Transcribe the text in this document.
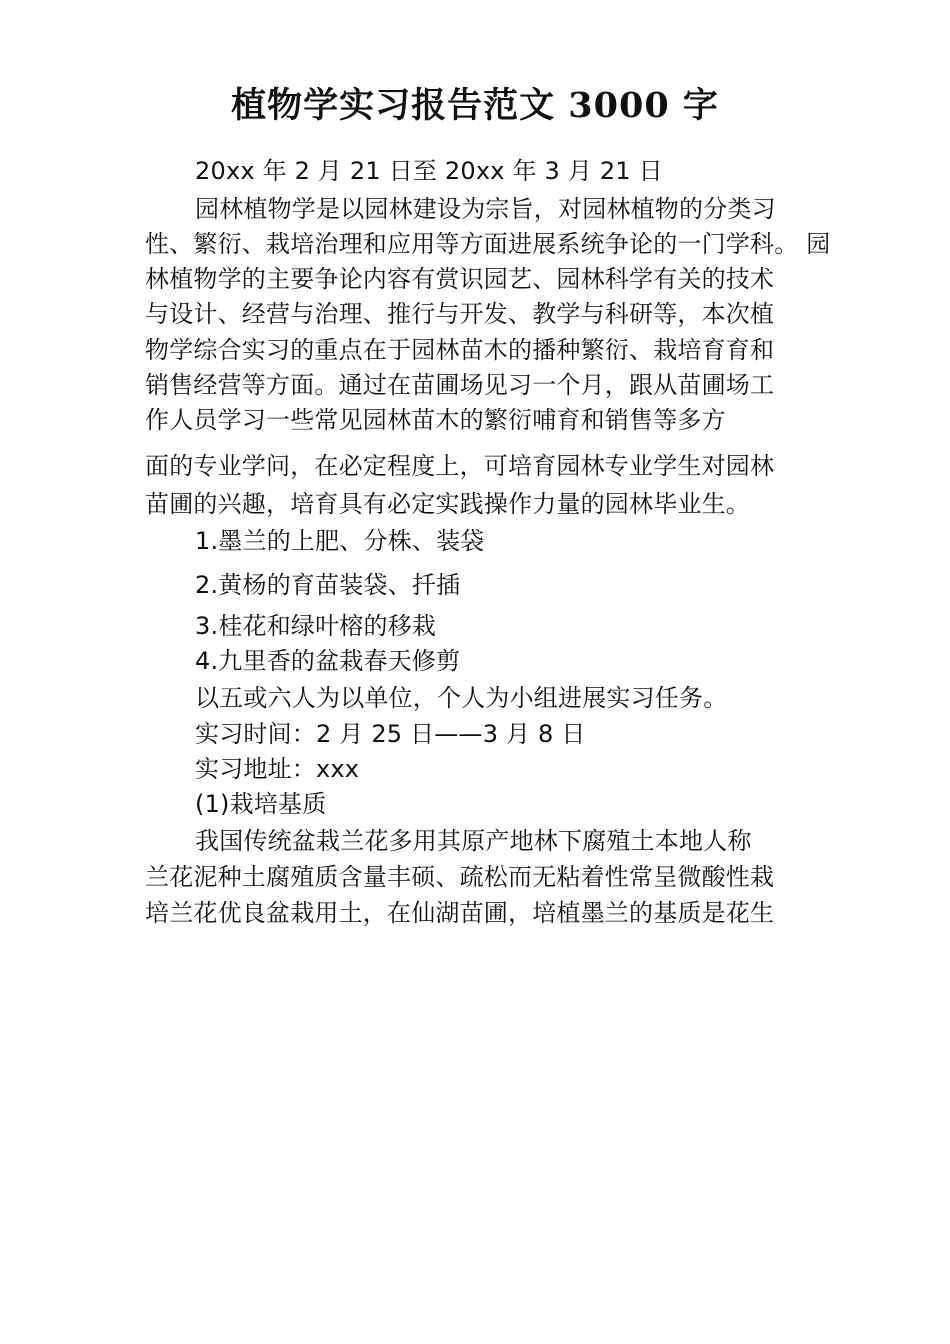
植物学实习报告范文 3000 字
20xx 年 2 月 21 日至 20xx 年 3 月 21 日
园林植物学是以园林建设为宗旨，对园林植物的分类习
性、繁衍、栽培治理和应用等方面进展系统争论的一门学科。 园
林植物学的主要争论内容有赏识园艺、园林科学有关的技术
与设计、经营与治理、推行与开发、教学与科研等，本次植
物学综合实习的重点在于园林苗木的播种繁衍、栽培育育和
销售经营等方面。通过在苗圃场见习一个月，跟从苗圃场工
作人员学习一些常见园林苗木的繁衍哺育和销售等多方
面的专业学问，在必定程度上，可培育园林专业学生对园林
苗圃的兴趣，培育具有必定实践操作力量的园林毕业生。
1.墨兰的上肥、分株、装袋
2.黄杨的育苗装袋、扦插
3.桂花和绿叶榕的移栽
4.九里香的盆栽春天修剪
以五或六人为以单位，个人为小组进展实习任务。
实习时间：2 月 25 日——3 月 8 日
实习地址：xxx
(1)栽培基质
我国传统盆栽兰花多用其原产地林下腐殖土本地人称
兰花泥种土腐殖质含量丰硕、疏松而无粘着性常呈微酸性栽
培兰花优良盆栽用土，在仙湖苗圃，培植墨兰的基质是花生
